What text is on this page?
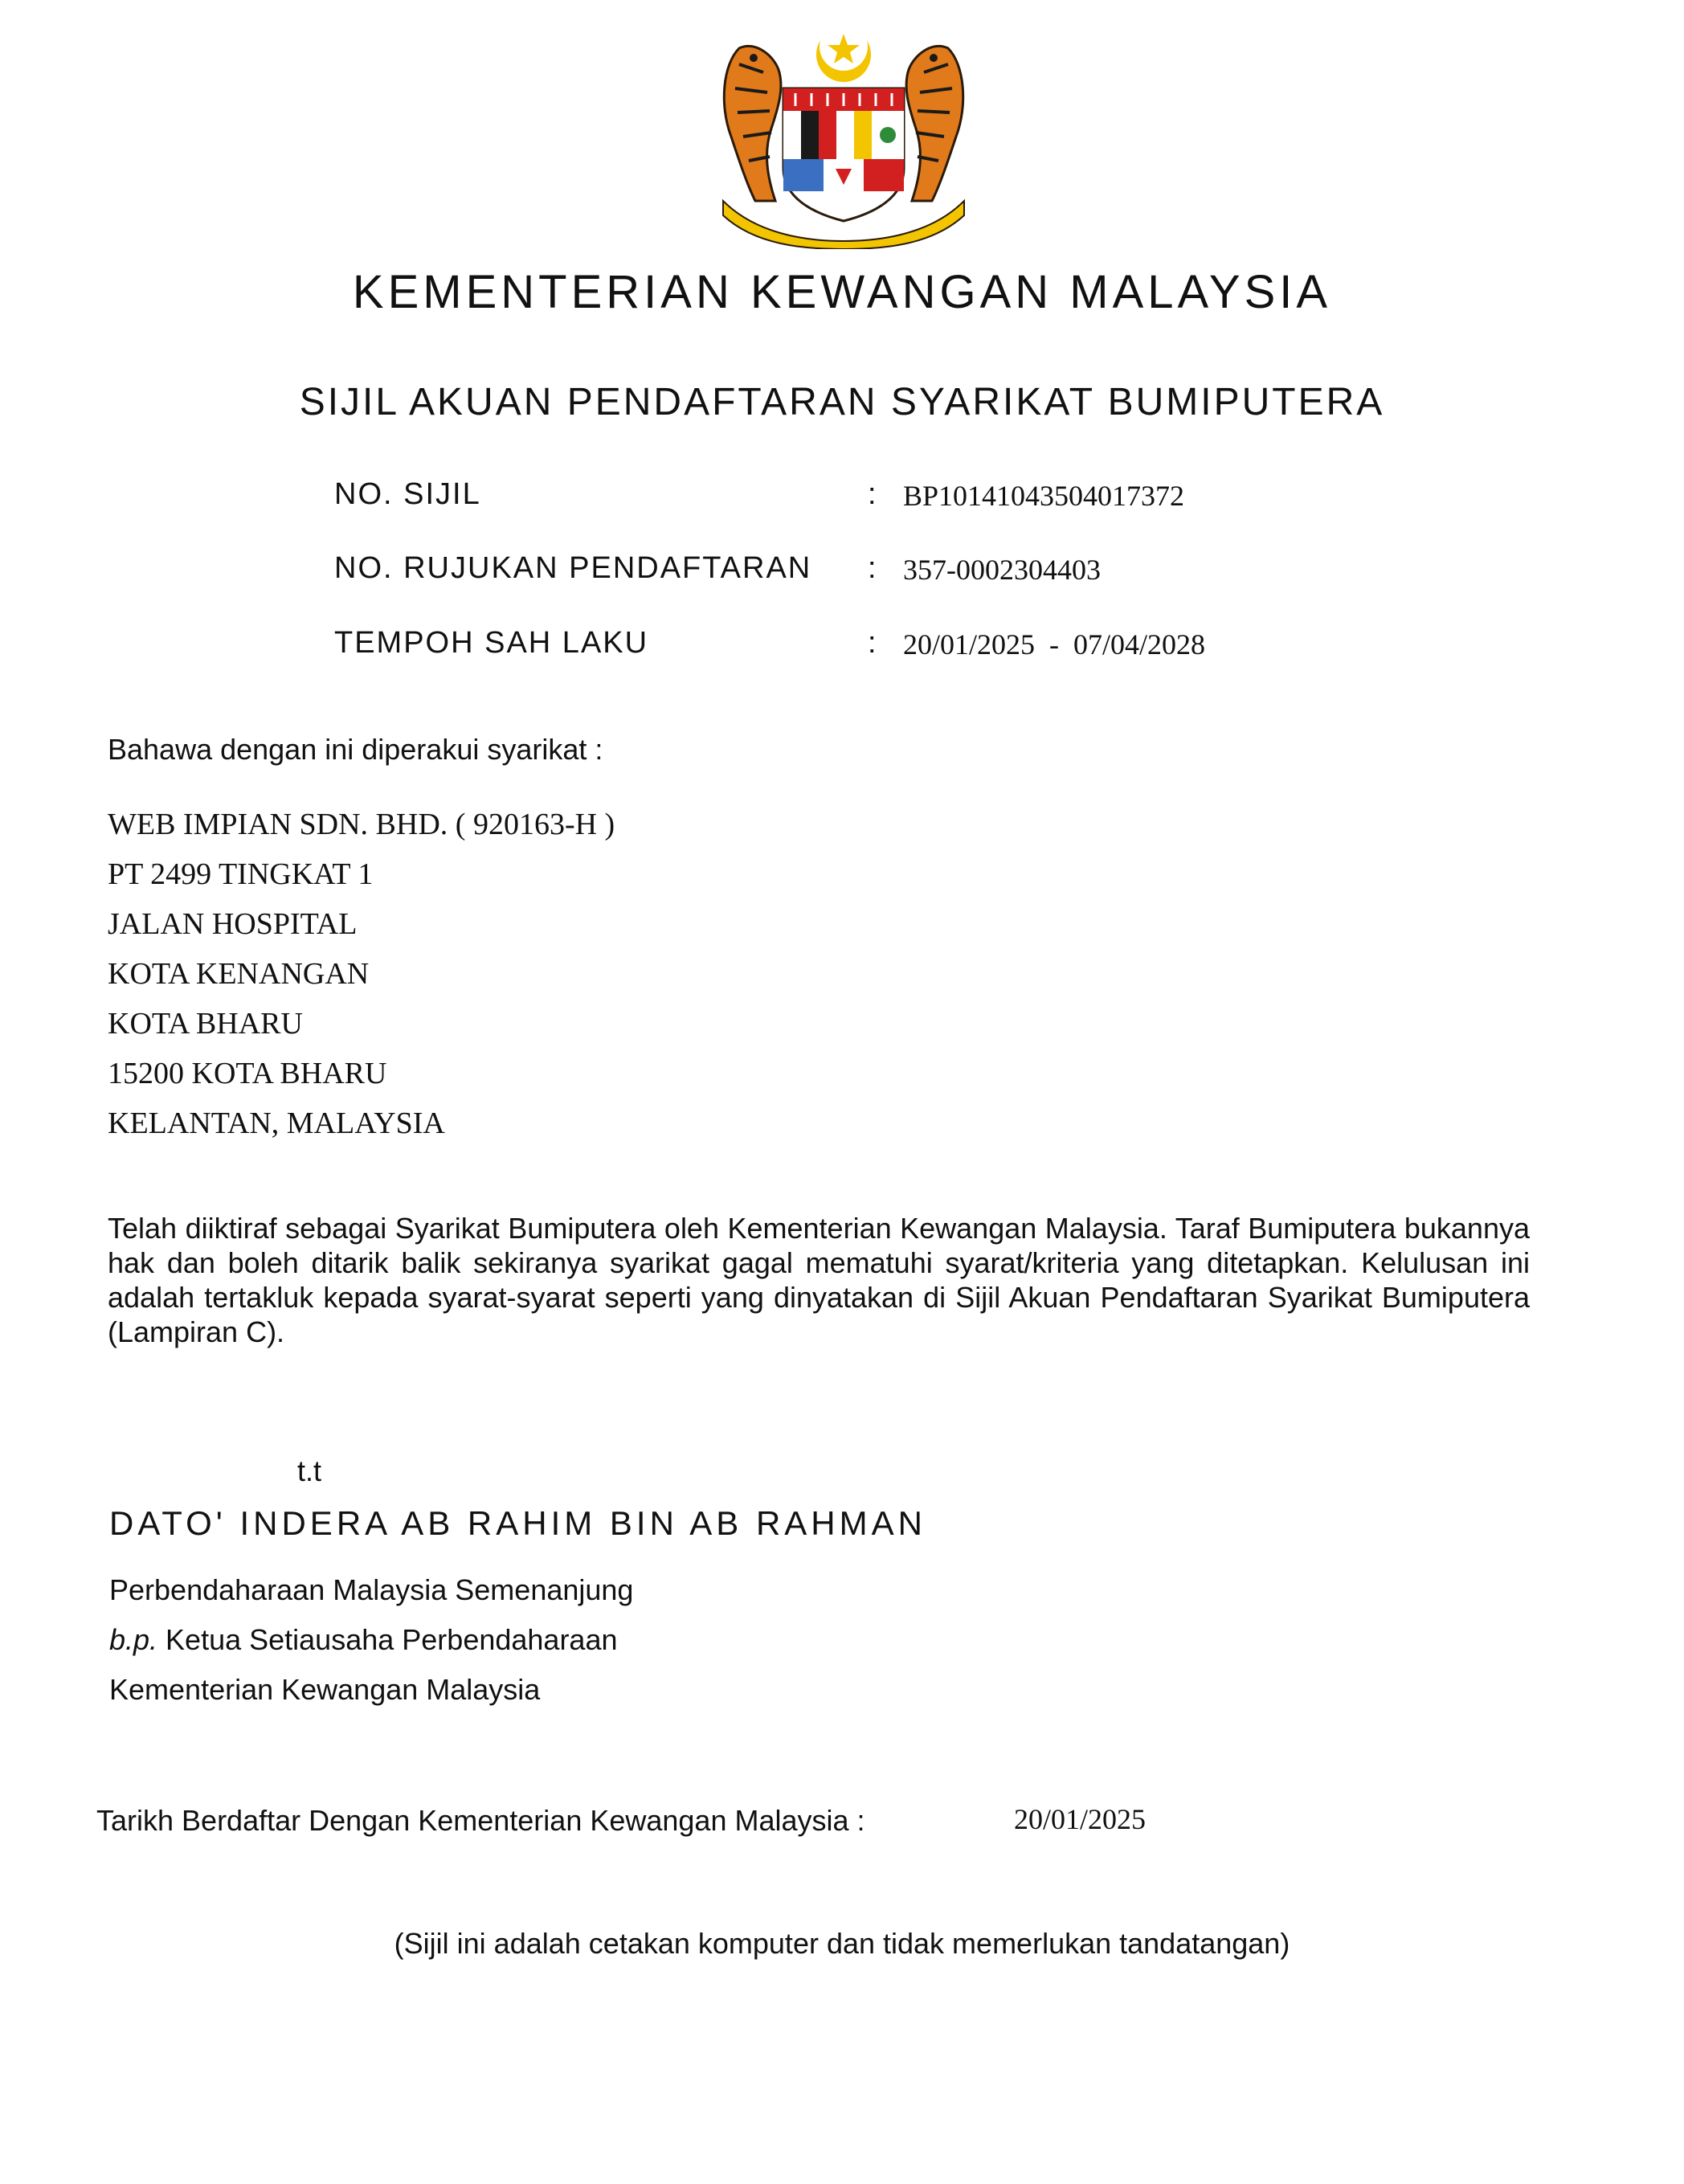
KEMENTERIAN KEWANGAN MALAYSIA
SIJIL AKUAN PENDAFTARAN SYARIKAT BUMIPUTERA
NO. SIJIL	: BP10141043504017372
NO. RUJUKAN PENDAFTARAN : 357-0002304403
TEMPOH SAH LAKU	: 20/01/2025  -  07/04/2028
Bahawa dengan ini diperakui syarikat :
WEB IMPIAN SDN. BHD. ( 920163-H )
PT 2499 TINGKAT 1
JALAN HOSPITAL
KOTA KENANGAN
KOTA BHARU
15200 KOTA BHARU
KELANTAN, MALAYSIA
Telah diiktiraf sebagai Syarikat Bumiputera oleh Kementerian Kewangan Malaysia. Taraf Bumiputera bukannya hak dan boleh ditarik balik sekiranya syarikat gagal mematuhi syarat/kriteria yang ditetapkan. Kelulusan ini adalah tertakluk kepada syarat-syarat seperti yang dinyatakan di Sijil Akuan Pendaftaran Syarikat Bumiputera (Lampiran C).
t.t
DATO' INDERA AB RAHIM BIN AB RAHMAN
Perbendaharaan Malaysia Semenanjung
b.p. Ketua Setiausaha Perbendaharaan
Kementerian Kewangan Malaysia
Tarikh Berdaftar Dengan Kementerian Kewangan Malaysia :	20/01/2025
(Sijil ini adalah cetakan komputer dan tidak memerlukan tandatangan)
